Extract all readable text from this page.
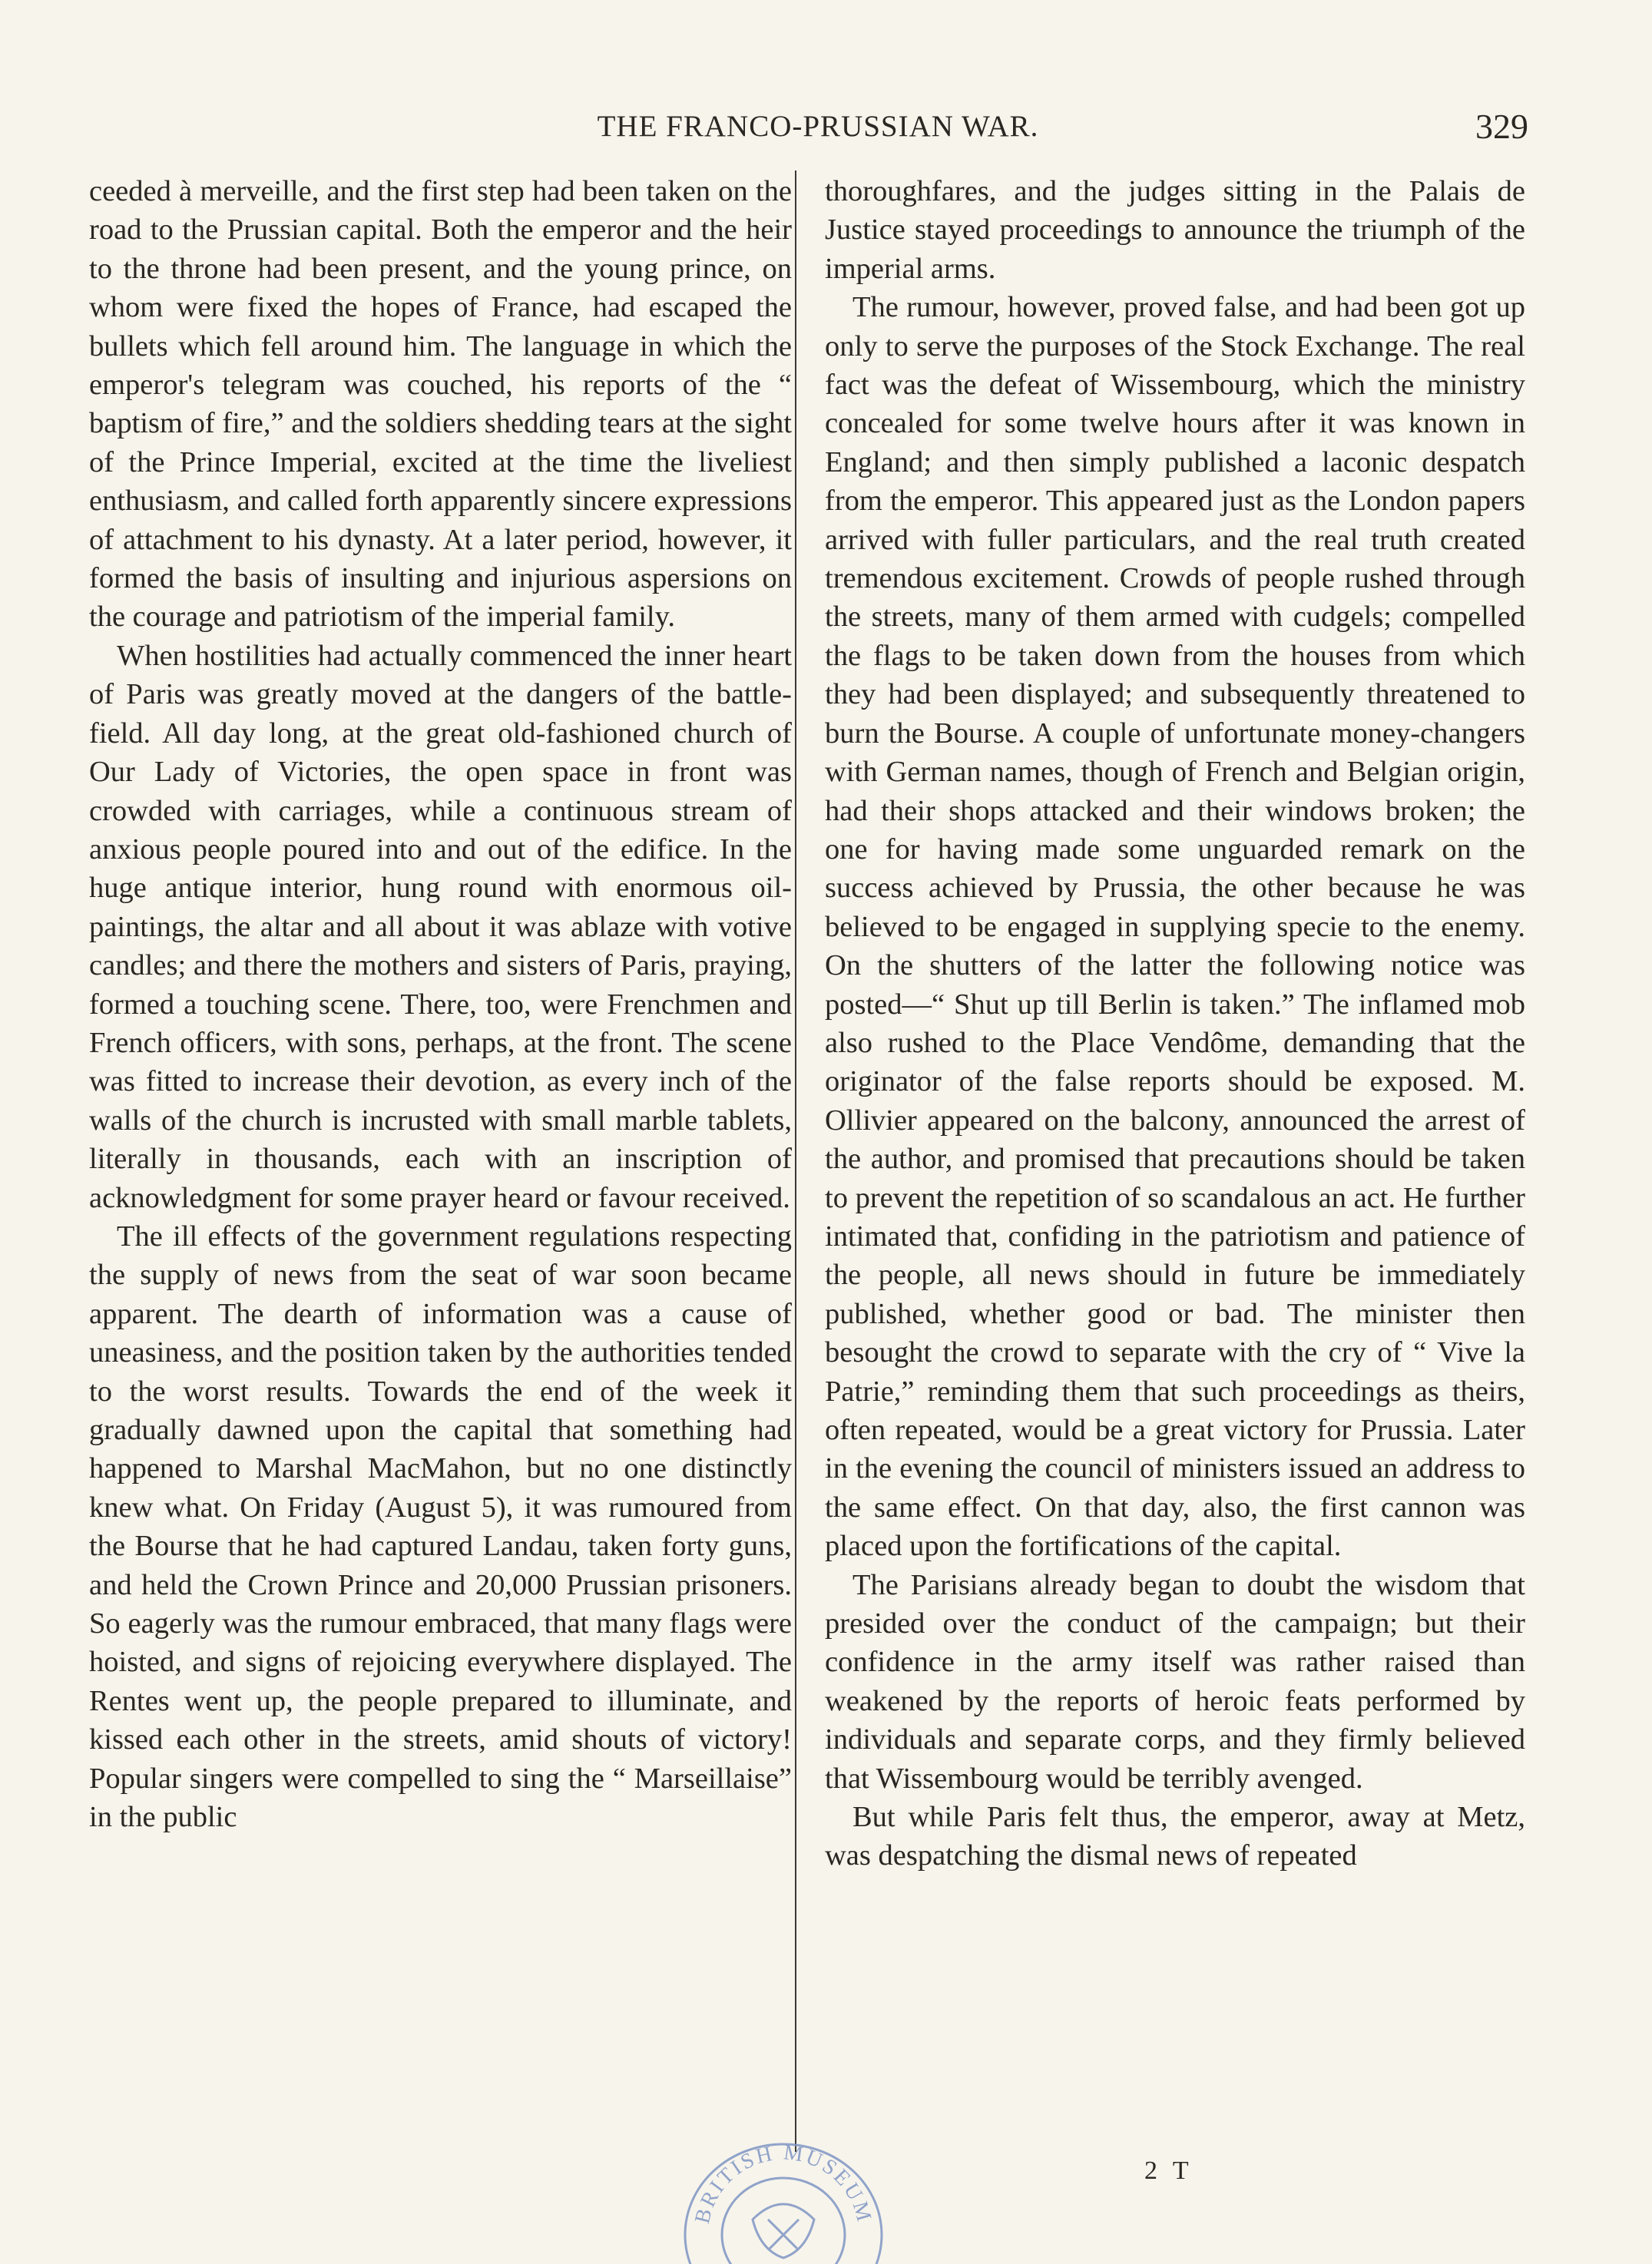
THE FRANCO-PRUSSIAN WAR.	329

ceeded à merveille, and the first step had been taken on the road to the Prussian capital. Both the emperor and the heir to the throne had been present, and the young prince, on whom were fixed the hopes of France, had escaped the bullets which fell around him. The language in which the emperor's telegram was couched, his reports of the “ baptism of fire,” and the soldiers shedding tears at the sight of the Prince Imperial, excited at the time the liveliest enthusiasm, and called forth apparently sincere expressions of attachment to his dynasty. At a later period, however, it formed the basis of insulting and injurious aspersions on the courage and patriotism of the imperial family.

When hostilities had actually commenced the inner heart of Paris was greatly moved at the dangers of the battle-field. All day long, at the great old-fashioned church of Our Lady of Victories, the open space in front was crowded with carriages, while a continuous stream of anxious people poured into and out of the edifice. In the huge antique interior, hung round with enormous oil-paintings, the altar and all about it was ablaze with votive candles; and there the mothers and sisters of Paris, praying, formed a touching scene. There, too, were Frenchmen and French officers, with sons, perhaps, at the front. The scene was fitted to increase their devotion, as every inch of the walls of the church is incrusted with small marble tablets, literally in thousands, each with an inscription of acknowledgment for some prayer heard or favour received.

The ill effects of the government regulations respecting the supply of news from the seat of war soon became apparent. The dearth of information was a cause of uneasiness, and the position taken by the authorities tended to the worst results. Towards the end of the week it gradually dawned upon the capital that something had happened to Marshal MacMahon, but no one distinctly knew what. On Friday (August 5), it was rumoured from the Bourse that he had captured Landau, taken forty guns, and held the Crown Prince and 20,000 Prussian prisoners. So eagerly was the rumour embraced, that many flags were hoisted, and signs of rejoicing everywhere displayed. The Rentes went up, the people prepared to illuminate, and kissed each other in the streets, amid shouts of victory! Popular singers were compelled to sing the “ Marseillaise” in the public

thoroughfares, and the judges sitting in the Palais de Justice stayed proceedings to announce the triumph of the imperial arms.

The rumour, however, proved false, and had been got up only to serve the purposes of the Stock Exchange. The real fact was the defeat of Wissembourg, which the ministry concealed for some twelve hours after it was known in England; and then simply published a laconic despatch from the emperor. This appeared just as the London papers arrived with fuller particulars, and the real truth created tremendous excitement. Crowds of people rushed through the streets, many of them armed with cudgels; compelled the flags to be taken down from the houses from which they had been displayed; and subsequently threatened to burn the Bourse. A couple of unfortunate money-changers with German names, though of French and Belgian origin, had their shops attacked and their windows broken; the one for having made some unguarded remark on the success achieved by Prussia, the other because he was believed to be engaged in supplying specie to the enemy. On the shutters of the latter the following notice was posted—“ Shut up till Berlin is taken.” The inflamed mob also rushed to the Place Vendôme, demanding that the originator of the false reports should be exposed. M. Ollivier appeared on the balcony, announced the arrest of the author, and promised that precautions should be taken to prevent the repetition of so scandalous an act. He further intimated that, confiding in the patriotism and patience of the people, all news should in future be immediately published, whether good or bad. The minister then besought the crowd to separate with the cry of “ Vive la Patrie,” reminding them that such proceedings as theirs, often repeated, would be a great victory for Prussia. Later in the evening the council of ministers issued an address to the same effect. On that day, also, the first cannon was placed upon the fortifications of the capital.

The Parisians already began to doubt the wisdom that presided over the conduct of the campaign; but their confidence in the army itself was rather raised than weakened by the reports of heroic feats performed by individuals and separate corps, and they firmly believed that Wissembourg would be terribly avenged.

But while Paris felt thus, the emperor, away at Metz, was despatching the dismal news of repeated

2 T
BRITISH MUSEUM
